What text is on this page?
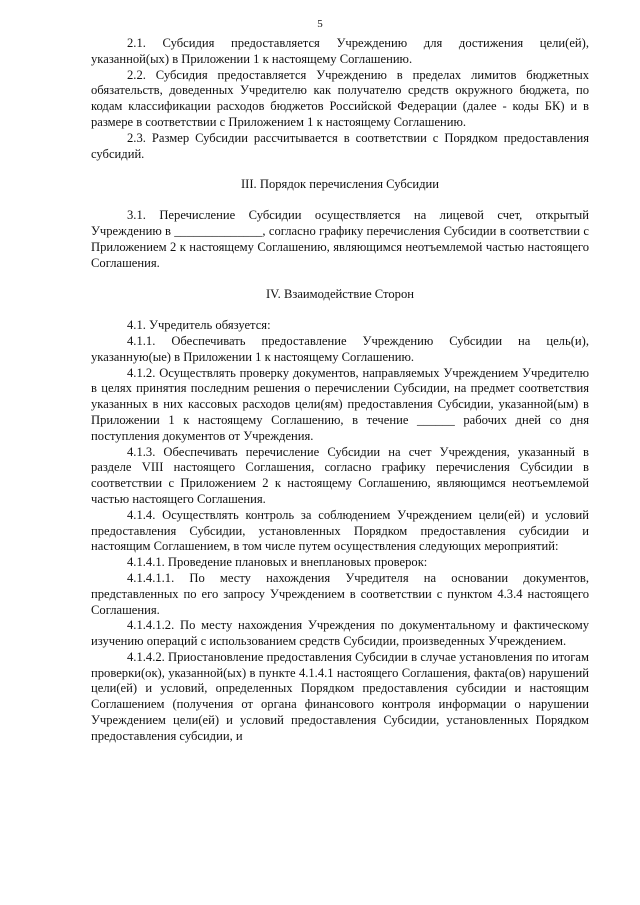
5

2.1. Субсидия предоставляется Учреждению для достижения цели(ей), указанной(ых) в Приложении 1 к настоящему Соглашению.

2.2. Субсидия предоставляется Учреждению в пределах лимитов бюджетных обязательств, доведенных Учредителю как получателю средств окружного бюджета, по кодам классификации расходов бюджетов Российской Федерации (далее - коды БК) и в размере в соответствии с Приложением 1 к настоящему Соглашению.

2.3. Размер Субсидии рассчитывается в соответствии с Порядком предоставления субсидий.

III. Порядок перечисления Субсидии

3.1. Перечисление Субсидии осуществляется на лицевой счет, открытый Учреждению в ______________, согласно графику перечисления Субсидии в соответствии с Приложением 2 к настоящему Соглашению, являющимся неотъемлемой частью настоящего Соглашения.

IV. Взаимодействие Сторон

4.1. Учредитель обязуется:

4.1.1. Обеспечивать предоставление Учреждению Субсидии на цель(и), указанную(ые) в Приложении 1 к настоящему Соглашению.

4.1.2. Осуществлять проверку документов, направляемых Учреждением Учредителю в целях принятия последним решения о перечислении Субсидии, на предмет соответствия указанных в них кассовых расходов цели(ям) предоставления Субсидии, указанной(ым) в Приложении 1 к настоящему Соглашению, в течение ______ рабочих дней со дня поступления документов от Учреждения.

4.1.3. Обеспечивать перечисление Субсидии на счет Учреждения, указанный в разделе VIII настоящего Соглашения, согласно графику перечисления Субсидии в соответствии с Приложением 2 к настоящему Соглашению, являющимся неотъемлемой частью настоящего Соглашения.

4.1.4. Осуществлять контроль за соблюдением Учреждением цели(ей) и условий предоставления Субсидии, установленных Порядком предоставления субсидии и настоящим Соглашением, в том числе путем осуществления следующих мероприятий:

4.1.4.1. Проведение плановых и внеплановых проверок:

4.1.4.1.1. По месту нахождения Учредителя на основании документов, представленных по его запросу Учреждением в соответствии с пунктом 4.3.4 настоящего Соглашения.

4.1.4.1.2. По месту нахождения Учреждения по документальному и фактическому изучению операций с использованием средств Субсидии, произведенных Учреждением.

4.1.4.2. Приостановление предоставления Субсидии в случае установления по итогам проверки(ок), указанной(ых) в пункте 4.1.4.1 настоящего Соглашения, факта(ов) нарушений цели(ей) и условий, определенных Порядком предоставления субсидии и настоящим Соглашением (получения от органа финансового контроля информации о нарушении Учреждением цели(ей) и условий предоставления Субсидии, установленных Порядком предоставления субсидии, и
